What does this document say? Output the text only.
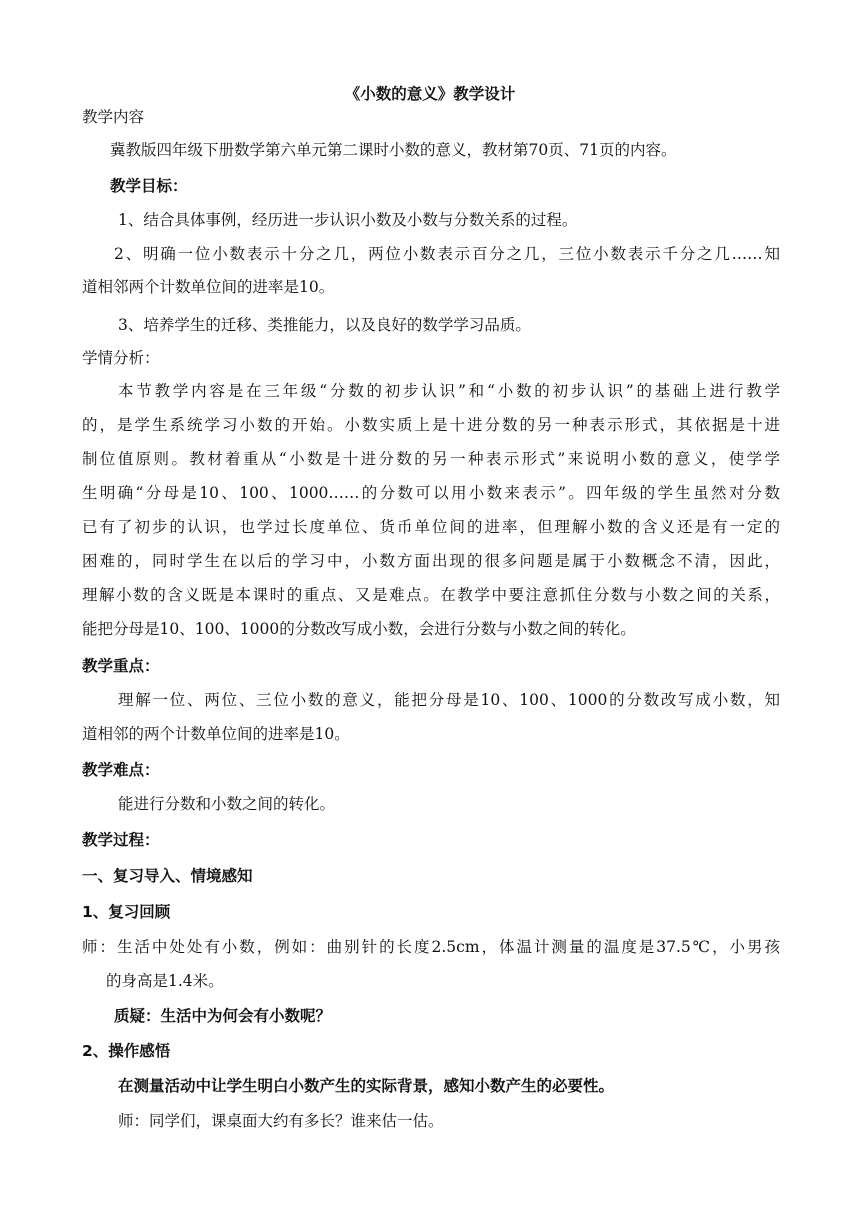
《小数的意义》教学设计
教学内容
冀教版四年级下册数学第六单元第二课时小数的意义，教材第70页、71页的内容。
教学目标：
1、结合具体事例，经历进一步认识小数及小数与分数关系的过程。
2、明确一位小数表示十分之几，两位小数表示百分之几，三位小数表示千分之几……知
道相邻两个计数单位间的进率是10。
3、培养学生的迁移、类推能力，以及良好的数学学习品质。
学情分析：
本节教学内容是在三年级“分数的初步认识”和“小数的初步认识”的基础上进行教学
的，是学生系统学习小数的开始。小数实质上是十进分数的另一种表示形式，其依据是十进
制位值原则。教材着重从“小数是十进分数的另一种表示形式”来说明小数的意义，使学学
生明确“分母是10、100、1000……的分数可以用小数来表示”。四年级的学生虽然对分数
已有了初步的认识，也学过长度单位、货币单位间的进率，但理解小数的含义还是有一定的
困难的，同时学生在以后的学习中，小数方面出现的很多问题是属于小数概念不清，因此，
理解小数的含义既是本课时的重点、又是难点。在教学中要注意抓住分数与小数之间的关系，
能把分母是10、100、1000的分数改写成小数，会进行分数与小数之间的转化。
教学重点：
理解一位、两位、三位小数的意义，能把分母是10、100、1000的分数改写成小数，知
道相邻的两个计数单位间的进率是10。
教学难点：
能进行分数和小数之间的转化。
教学过程：
一、复习导入、情境感知
1、复习回顾
师：生活中处处有小数，例如：曲别针的长度2.5cm，体温计测量的温度是37.5℃，小男孩
的身高是1.4米。
质疑：生活中为何会有小数呢？
2、操作感悟
在测量活动中让学生明白小数产生的实际背景，感知小数产生的必要性。
师：同学们，课桌面大约有多长？谁来估一估。
